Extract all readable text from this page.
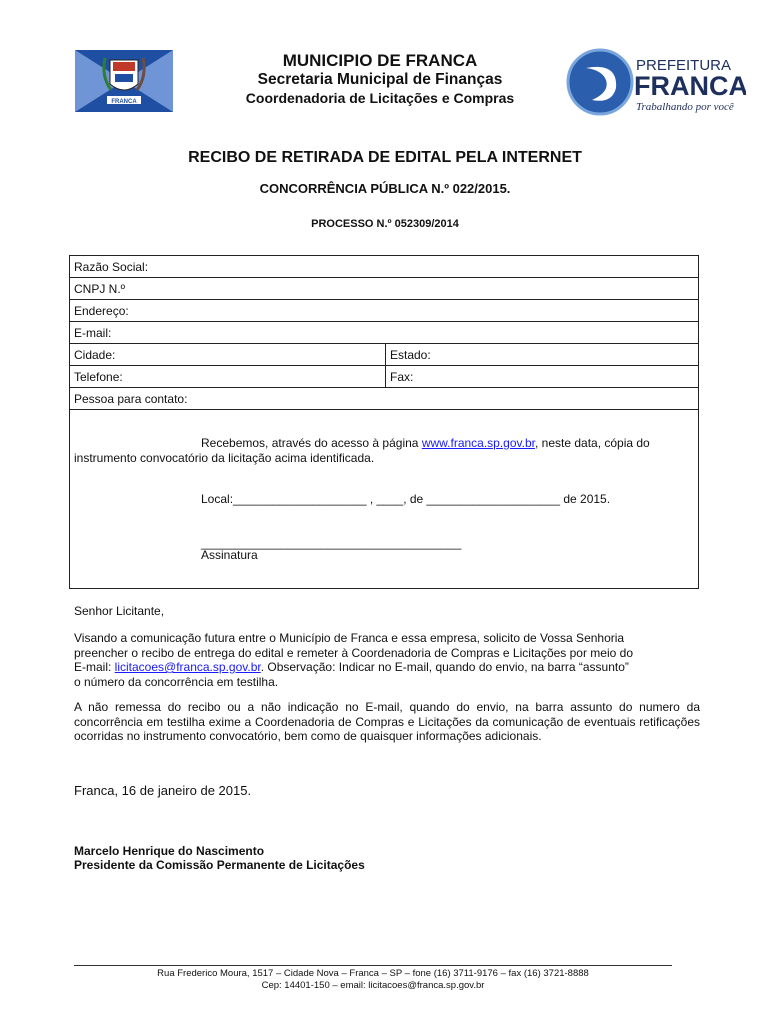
FRANCA
MUNICIPIO DE FRANCA
Secretaria Municipal de Finanças
Coordenadoria de Licitações e Compras
PREFEITURA
FRANCA
Trabalhando por você
RECIBO DE RETIRADA DE EDITAL PELA INTERNET
CONCORRÊNCIA PÚBLICA N.º 022/2015.
PROCESSO N.º 052309/2014
Razão Social:
CNPJ N.º
Endereço:
E-mail:
Cidade:	Estado:
Telefone:	Fax:
Pessoa para contato:
Recebemos, através do acesso à página www.franca.sp.gov.br, neste data, cópia do
instrumento convocatório da licitação acima identificada.
Local:____________________ , ____, de ____________________ de 2015.
_______________________________________
Assinatura
Senhor Licitante,
Visando a comunicação futura entre o Município de Franca e essa empresa, solicito de Vossa Senhoria
preencher o recibo de entrega do edital e remeter à Coordenadoria de Compras e Licitações por meio do
E-mail: licitacoes@franca.sp.gov.br. Observação: Indicar no E-mail, quando do envio, na barra “assunto”
o número da concorrência em testilha.
A não remessa do recibo ou a não indicação no E-mail, quando do envio, na barra assunto do numero da concorrência em testilha exime a Coordenadoria de Compras e Licitações da comunicação de eventuais retificações ocorridas no instrumento convocatório, bem como de quaisquer informações adicionais.
Franca, 16 de janeiro de 2015.
Marcelo Henrique do Nascimento
Presidente da Comissão Permanente de Licitações
Rua Frederico Moura, 1517 – Cidade Nova – Franca – SP – fone (16) 3711-9176 – fax (16) 3721-8888
Cep: 14401-150 – email: licitacoes@franca.sp.gov.br
